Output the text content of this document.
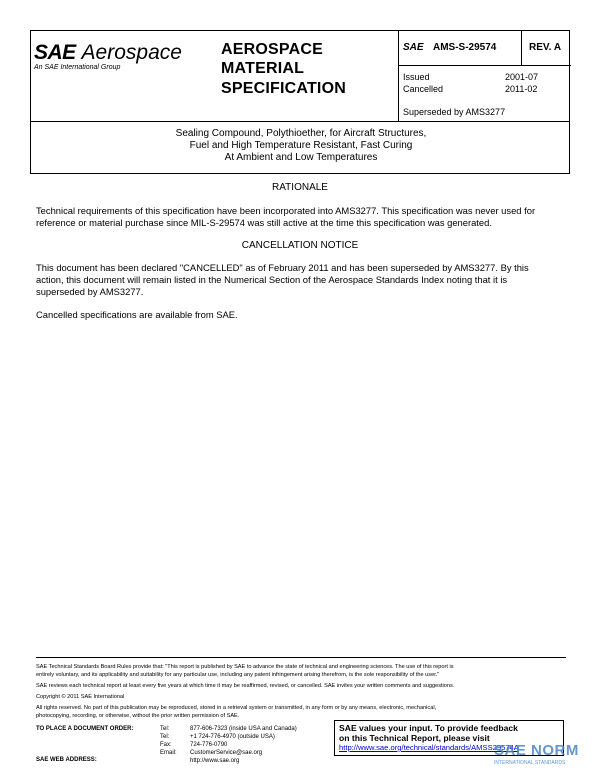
SAE Aerospace
An SAE International Group
AEROSPACE
MATERIAL
SPECIFICATION
SAE AMS-S-29574	REV. A
Issued	2001-07
Cancelled	2011-02
Superseded by AMS3277
Sealing Compound, Polythioether, for Aircraft Structures,
Fuel and High Temperature Resistant, Fast Curing
At Ambient and Low Temperatures
RATIONALE
Technical requirements of this specification have been incorporated into AMS3277. This specification was never used for
reference or material purchase since MIL-S-29574 was still active at the time this specification was generated.
CANCELLATION NOTICE
This document has been declared "CANCELLED" as of February 2011 and has been superseded by AMS3277. By this
action, this document will remain listed in the Numerical Section of the Aerospace Standards Index noting that it is
superseded by AMS3277.
Cancelled specifications are available from SAE.
SAE Technical Standards Board Rules provide that: "This report is published by SAE to advance the state of technical and engineering sciences. The use of this report is
entirely voluntary, and its applicability and suitability for any particular use, including any patent infringement arising therefrom, is the sole responsibility of the user."
SAE reviews each technical report at least every five years at which time it may be reaffirmed, revised, or cancelled. SAE invites your written comments and suggestions.
Copyright © 2011 SAE International
All rights reserved. No part of this publication may be reproduced, stored in a retrieval system or transmitted, in any form or by any means, electronic, mechanical,
photocopying, recording, or otherwise, without the prior written permission of SAE.
TO PLACE A DOCUMENT ORDER:
SAE WEB ADDRESS:
Tel:	877-606-7323 (inside USA and Canada)
Tel:	+1 724-776-4970 (outside USA)
Fax:	724-776-0790
Email: CustomerService@sae.org
http://www.sae.org
SAE values your input. To provide feedback
on this Technical Report, please visit
http://www.sae.org/technical/standards/AMSS29574A
SAE NORM
INTERNATIONAL STANDARDS
